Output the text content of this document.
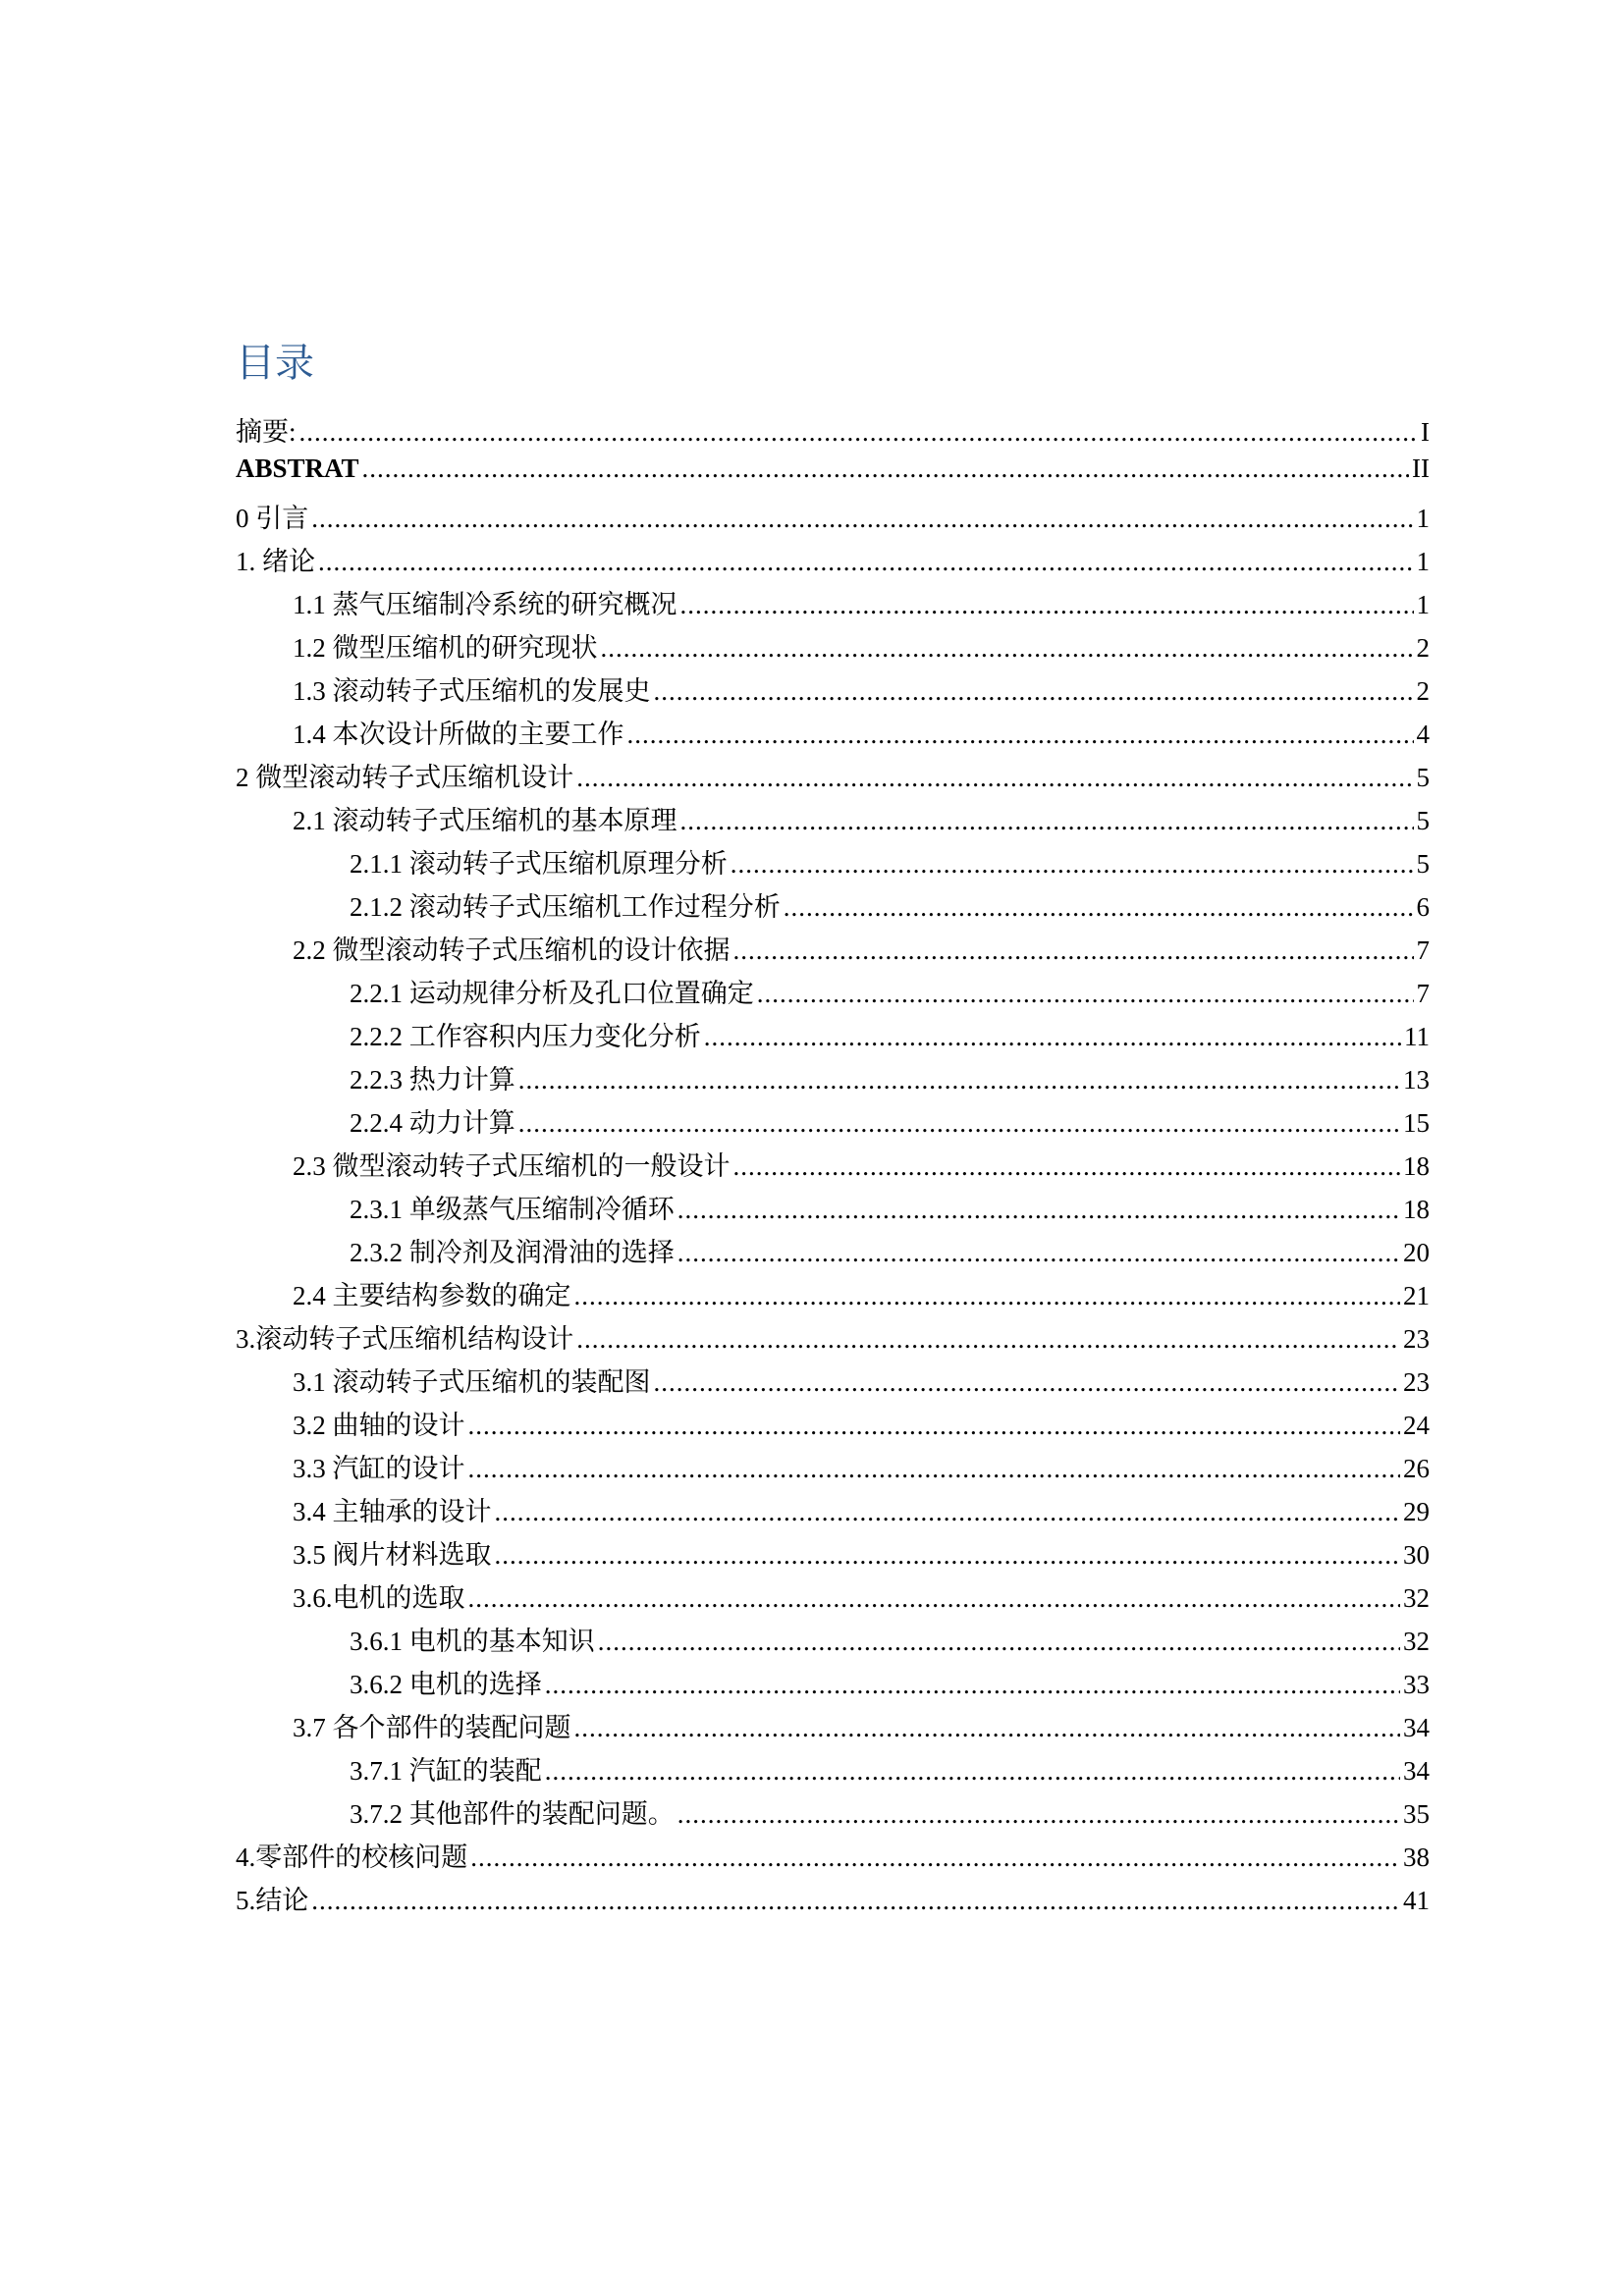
目录
摘要: .....	I
ABSTRAT .....	II
0 引言 .....	1
1. 绪论 .....	1
1.1 蒸气压缩制冷系统的研究概况 .....	1
1.2 微型压缩机的研究现状 .....	2
1.3 滚动转子式压缩机的发展史 .....	2
1.4 本次设计所做的主要工作 .....	4
2 微型滚动转子式压缩机设计 .....	5
2.1 滚动转子式压缩机的基本原理 .....	5
2.1.1 滚动转子式压缩机原理分析 .....	5
2.1.2 滚动转子式压缩机工作过程分析 .....	6
2.2 微型滚动转子式压缩机的设计依据 .....	7
2.2.1 运动规律分析及孔口位置确定 .....	7
2.2.2 工作容积内压力变化分析 .....	11
2.2.3 热力计算 .....	13
2.2.4 动力计算 .....	15
2.3 微型滚动转子式压缩机的一般设计 .....	18
2.3.1 单级蒸气压缩制冷循环 .....	18
2.3.2 制冷剂及润滑油的选择 .....	20
2.4 主要结构参数的确定 .....	21
3.滚动转子式压缩机结构设计 .....	23
3.1 滚动转子式压缩机的装配图 .....	23
3.2 曲轴的设计 .....	24
3.3 汽缸的设计 .....	26
3.4 主轴承的设计 .....	29
3.5 阀片材料选取 .....	30
3.6.电机的选取 .....	32
3.6.1 电机的基本知识 .....	32
3.6.2 电机的选择 .....	33
3.7 各个部件的装配问题 .....	34
3.7.1 汽缸的装配 .....	34
3.7.2 其他部件的装配问题。 .....	35
4.零部件的校核问题 .....	38
5.结论 .....	41
